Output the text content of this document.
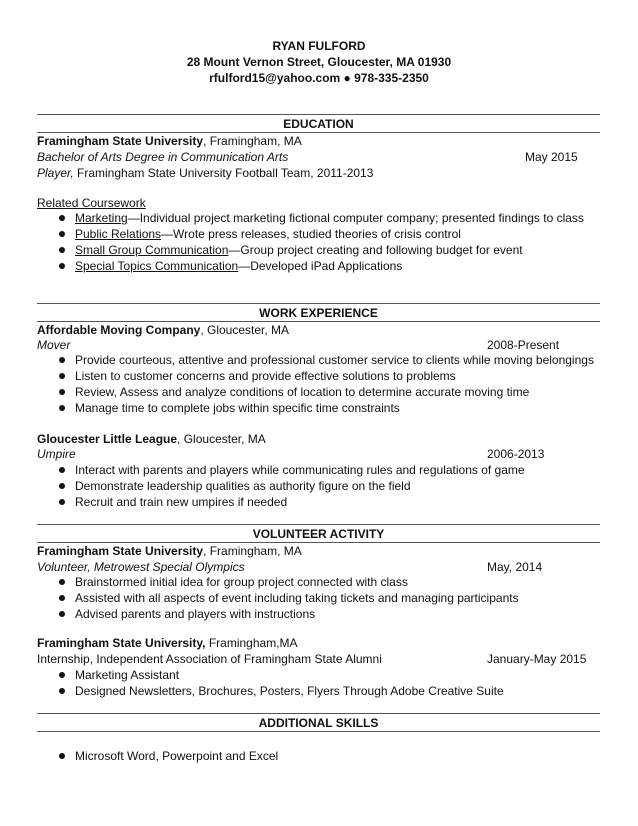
RYAN FULFORD
28 Mount Vernon Street, Gloucester, MA 01930
rfulford15@yahoo.com ● 978-335-2350
EDUCATION
Framingham State University, Framingham, MA
Bachelor of Arts Degree in Communication Arts	May 2015
Player, Framingham State University Football Team, 2011-2013
Related Coursework
Marketing—Individual project marketing fictional computer company; presented findings to class
Public Relations—Wrote press releases, studied theories of crisis control
Small Group Communication—Group project creating and following budget for event
Special Topics Communication—Developed iPad Applications
WORK EXPERIENCE
Affordable Moving Company, Gloucester, MA
Mover	2008-Present
Provide courteous, attentive and professional customer service to clients while moving belongings
Listen to customer concerns and provide effective solutions to problems
Review, Assess and analyze conditions of location to determine accurate moving time
Manage time to complete jobs within specific time constraints
Gloucester Little League, Gloucester, MA
Umpire	2006-2013
Interact with parents and players while communicating rules and regulations of game
Demonstrate leadership qualities as authority figure on the field
Recruit and train new umpires if needed
VOLUNTEER ACTIVITY
Framingham State University, Framingham, MA
Volunteer, Metrowest Special Olympics	May, 2014
Brainstormed initial idea for group project connected with class
Assisted with all aspects of event including taking tickets and managing participants
Advised parents and players with instructions
Framingham State University, Framingham,MA
Internship, Independent Association of Framingham State Alumni	January-May 2015
Marketing Assistant
Designed Newsletters, Brochures, Posters, Flyers Through Adobe Creative Suite
ADDITIONAL SKILLS
Microsoft Word, Powerpoint and Excel
